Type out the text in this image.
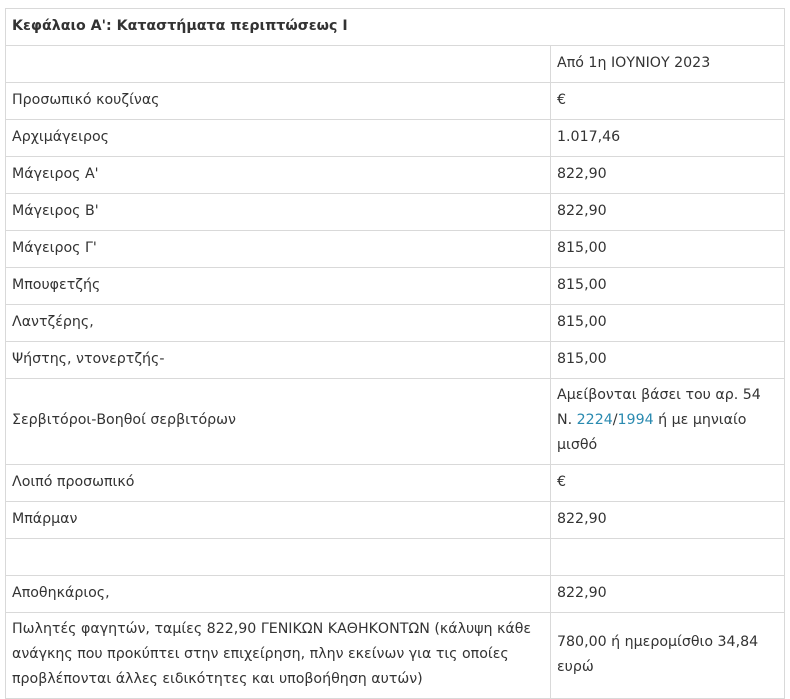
Κεφάλαιο Α': Καταστήματα περιπτώσεως Ι	
	Από 1η ΙΟΥΝΙΟΥ 2023
Προσωπικό κουζίνας	€
Αρχιμάγειρος	1.017,46
Μάγειρος Α'	822,90
Μάγειρος Β'	822,90
Μάγειρος Γ'	815,00
Μπουφετζής	815,00
Λαντζέρης,	815,00
Ψήστης, ντονερτζής-	815,00
Σερβιτόροι-Βοηθοί σερβιτόρων	Αμείβονται βάσει του αρ. 54 Ν. 2224/1994 ή με μηνιαίο μισθό
Λοιπό προσωπικό	€
Μπάρμαν	822,90

Αποθηκάριος,	822,90
Πωλητές φαγητών, ταμίες 822,90 ΓΕΝΙΚΩΝ ΚΑΘΗΚΟΝΤΩΝ (κάλυψη κάθε ανάγκης που προκύπτει στην επιχείρηση, πλην εκείνων για τις οποίες προβλέπονται άλλες ειδικότητες και υποβοήθηση αυτών)	780,00 ή ημερομίσθιο 34,84 ευρώ
